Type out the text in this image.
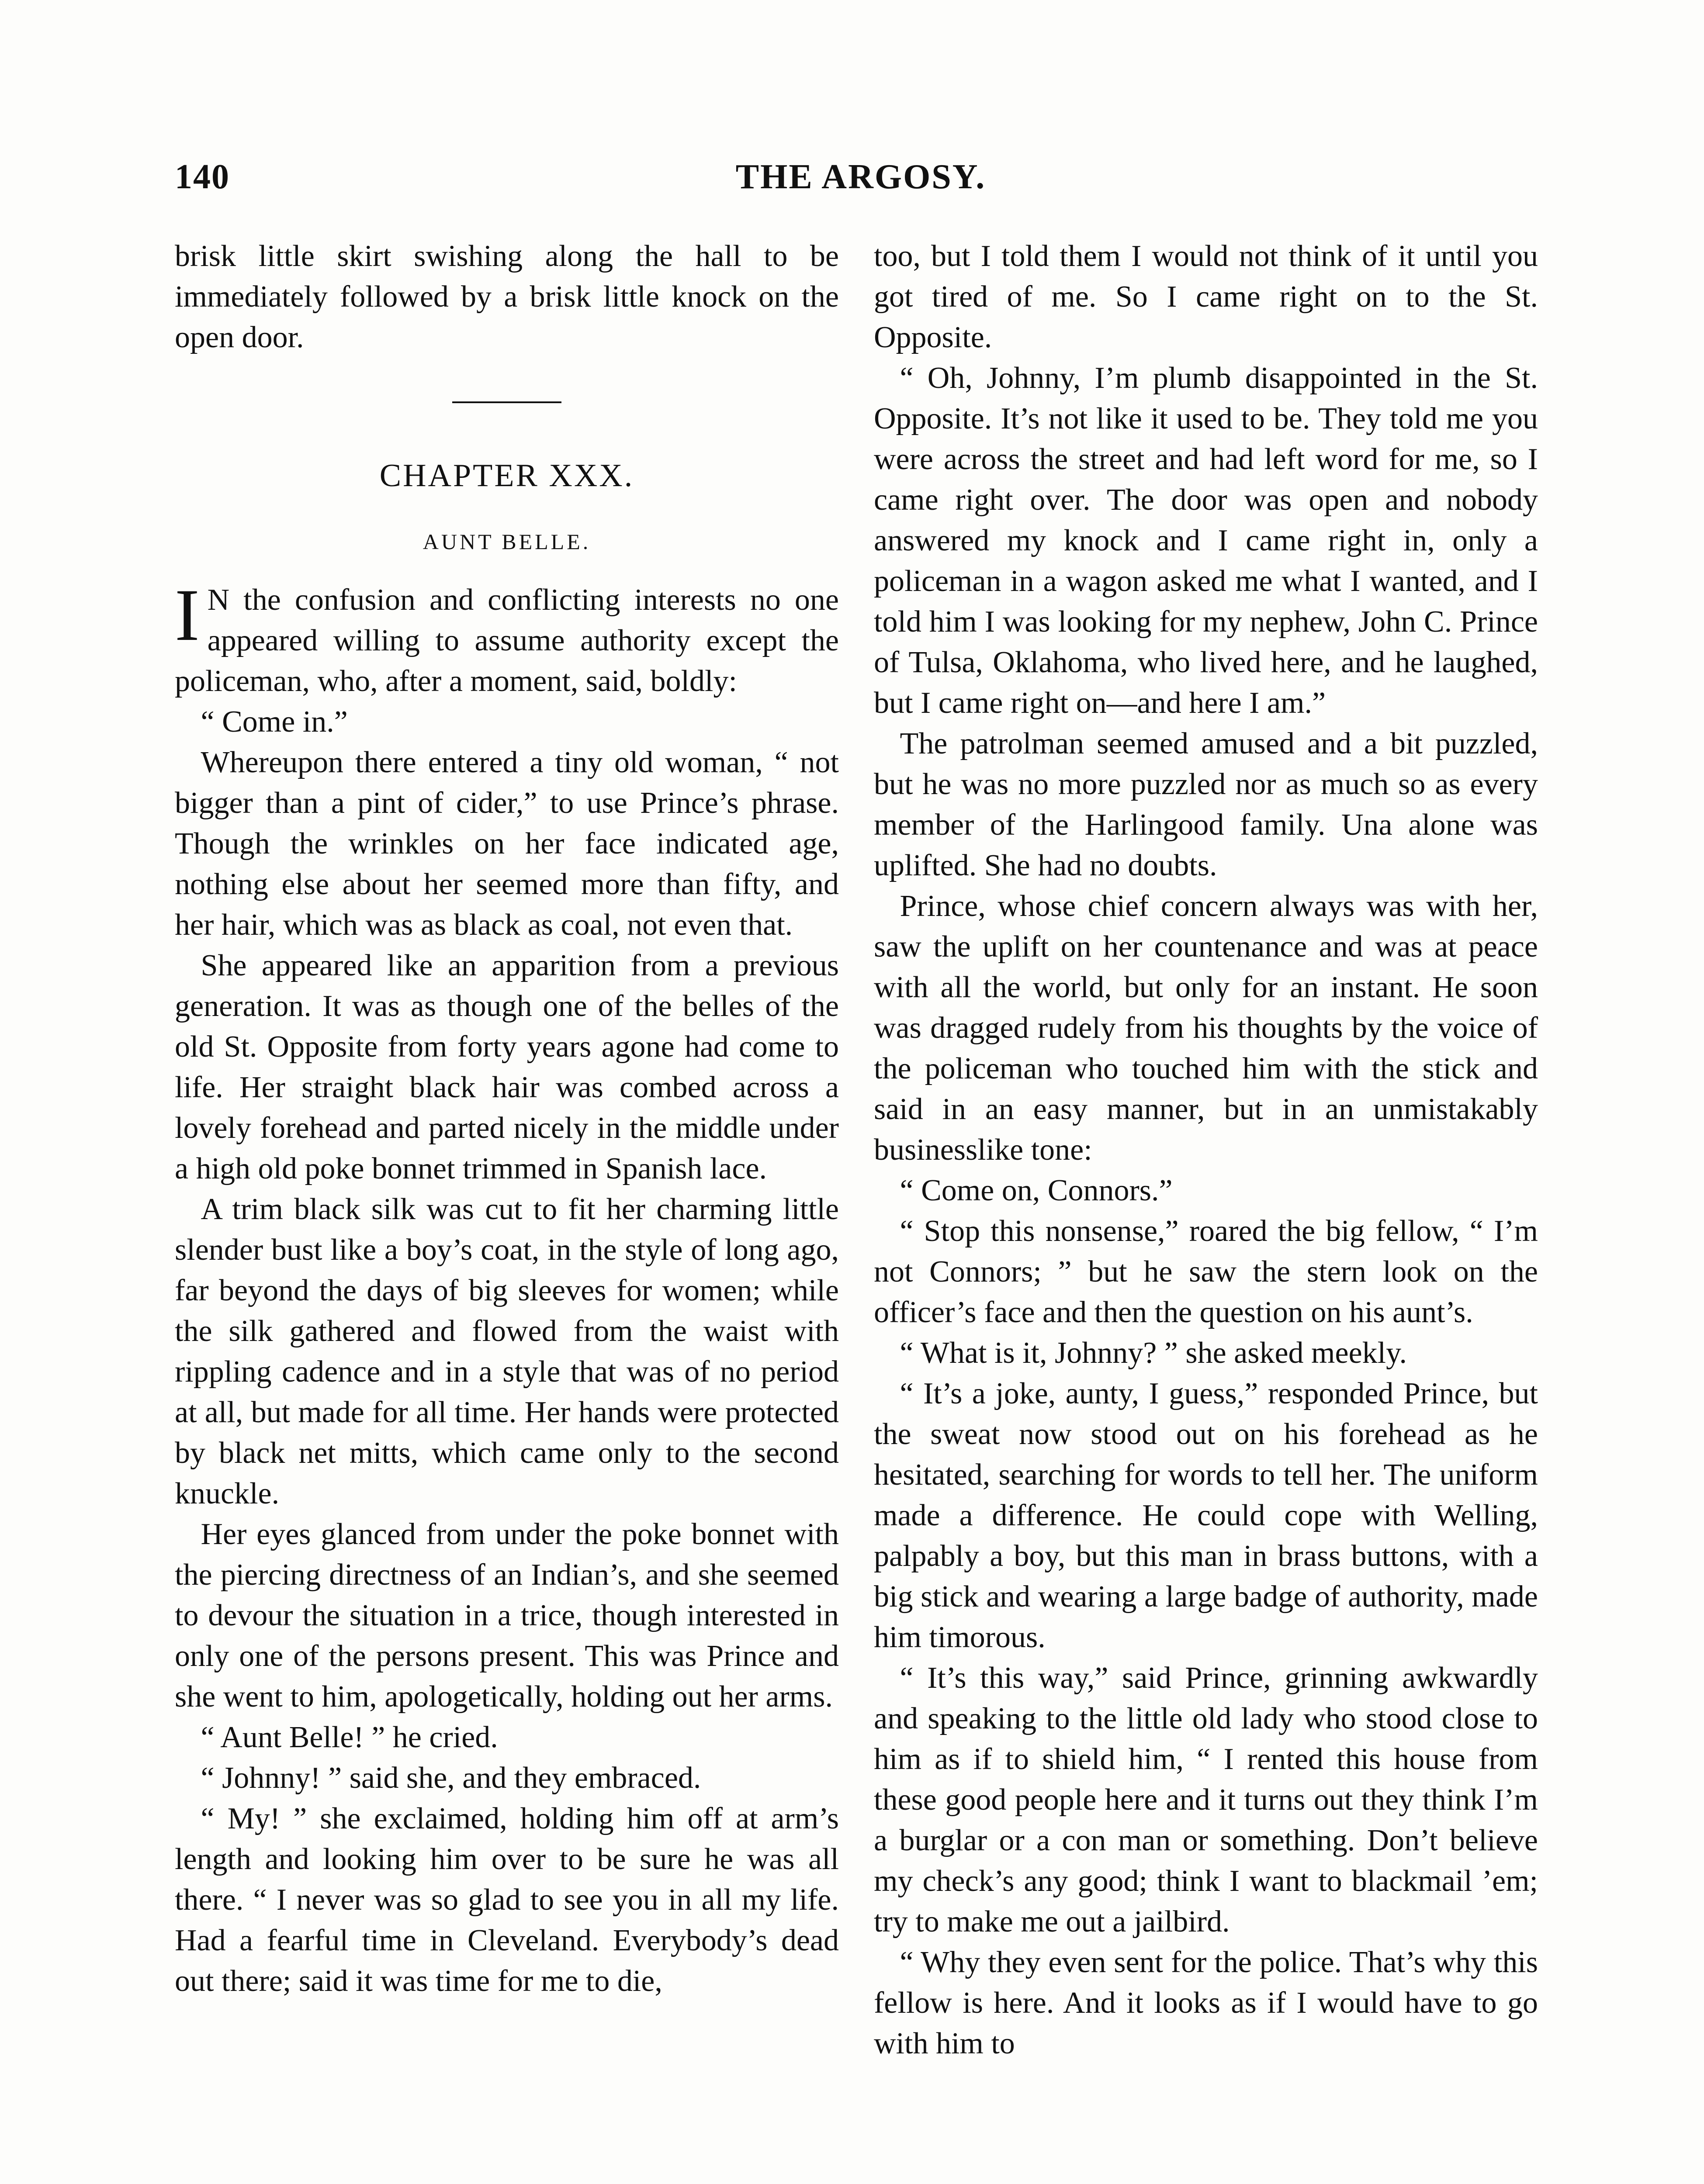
140	THE ARGOSY.

brisk little skirt swishing along the hall to be immediately followed by a brisk little knock on the open door.

CHAPTER XXX.
AUNT BELLE.

I N the confusion and conflicting interests no one appeared willing to assume authority except the policeman, who, after a moment, said, boldly:

“ Come in.”

Whereupon there entered a tiny old woman, “ not bigger than a pint of cider,” to use Prince’s phrase. Though the wrinkles on her face indicated age, nothing else about her seemed more than fifty, and her hair, which was as black as coal, not even that.

She appeared like an apparition from a previous generation. It was as though one of the belles of the old St. Opposite from forty years agone had come to life. Her straight black hair was combed across a lovely forehead and parted nicely in the middle under a high old poke bonnet trimmed in Spanish lace.

A trim black silk was cut to fit her charming little slender bust like a boy’s coat, in the style of long ago, far beyond the days of big sleeves for women; while the silk gathered and flowed from the waist with rippling cadence and in a style that was of no period at all, but made for all time. Her hands were protected by black net mitts, which came only to the second knuckle.

Her eyes glanced from under the poke bonnet with the piercing directness of an Indian’s, and she seemed to devour the situation in a trice, though interested in only one of the persons present. This was Prince and she went to him, apologetically, holding out her arms.

“ Aunt Belle! ” he cried.

“ Johnny! ” said she, and they embraced.

“ My! ” she exclaimed, holding him off at arm’s length and looking him over to be sure he was all there. “ I never was so glad to see you in all my life. Had a fearful time in Cleveland. Everybody’s dead out there; said it was time for me to die,

too, but I told them I would not think of it until you got tired of me. So I came right on to the St. Opposite.

“ Oh, Johnny, I’m plumb disappointed in the St. Opposite. It’s not like it used to be. They told me you were across the street and had left word for me, so I came right over. The door was open and nobody answered my knock and I came right in, only a policeman in a wagon asked me what I wanted, and I told him I was looking for my nephew, John C. Prince of Tulsa, Oklahoma, who lived here, and he laughed, but I came right on—and here I am.”

The patrolman seemed amused and a bit puzzled, but he was no more puzzled nor as much so as every member of the Harlingood family. Una alone was uplifted. She had no doubts.

Prince, whose chief concern always was with her, saw the uplift on her countenance and was at peace with all the world, but only for an instant. He soon was dragged rudely from his thoughts by the voice of the policeman who touched him with the stick and said in an easy manner, but in an unmistakably businesslike tone:

“ Come on, Connors.”

“ Stop this nonsense,” roared the big fellow, “ I’m not Connors; ” but he saw the stern look on the officer’s face and then the question on his aunt’s.

“ What is it, Johnny? ” she asked meekly.

“ It’s a joke, aunty, I guess,” responded Prince, but the sweat now stood out on his forehead as he hesitated, searching for words to tell her. The uniform made a difference. He could cope with Welling, palpably a boy, but this man in brass buttons, with a big stick and wearing a large badge of authority, made him timorous.

“ It’s this way,” said Prince, grinning awkwardly and speaking to the little old lady who stood close to him as if to shield him, “ I rented this house from these good people here and it turns out they think I’m a burglar or a con man or something. Don’t believe my check’s any good; think I want to blackmail ’em; try to make me out a jailbird.

“ Why they even sent for the police. That’s why this fellow is here. And it looks as if I would have to go with him to
